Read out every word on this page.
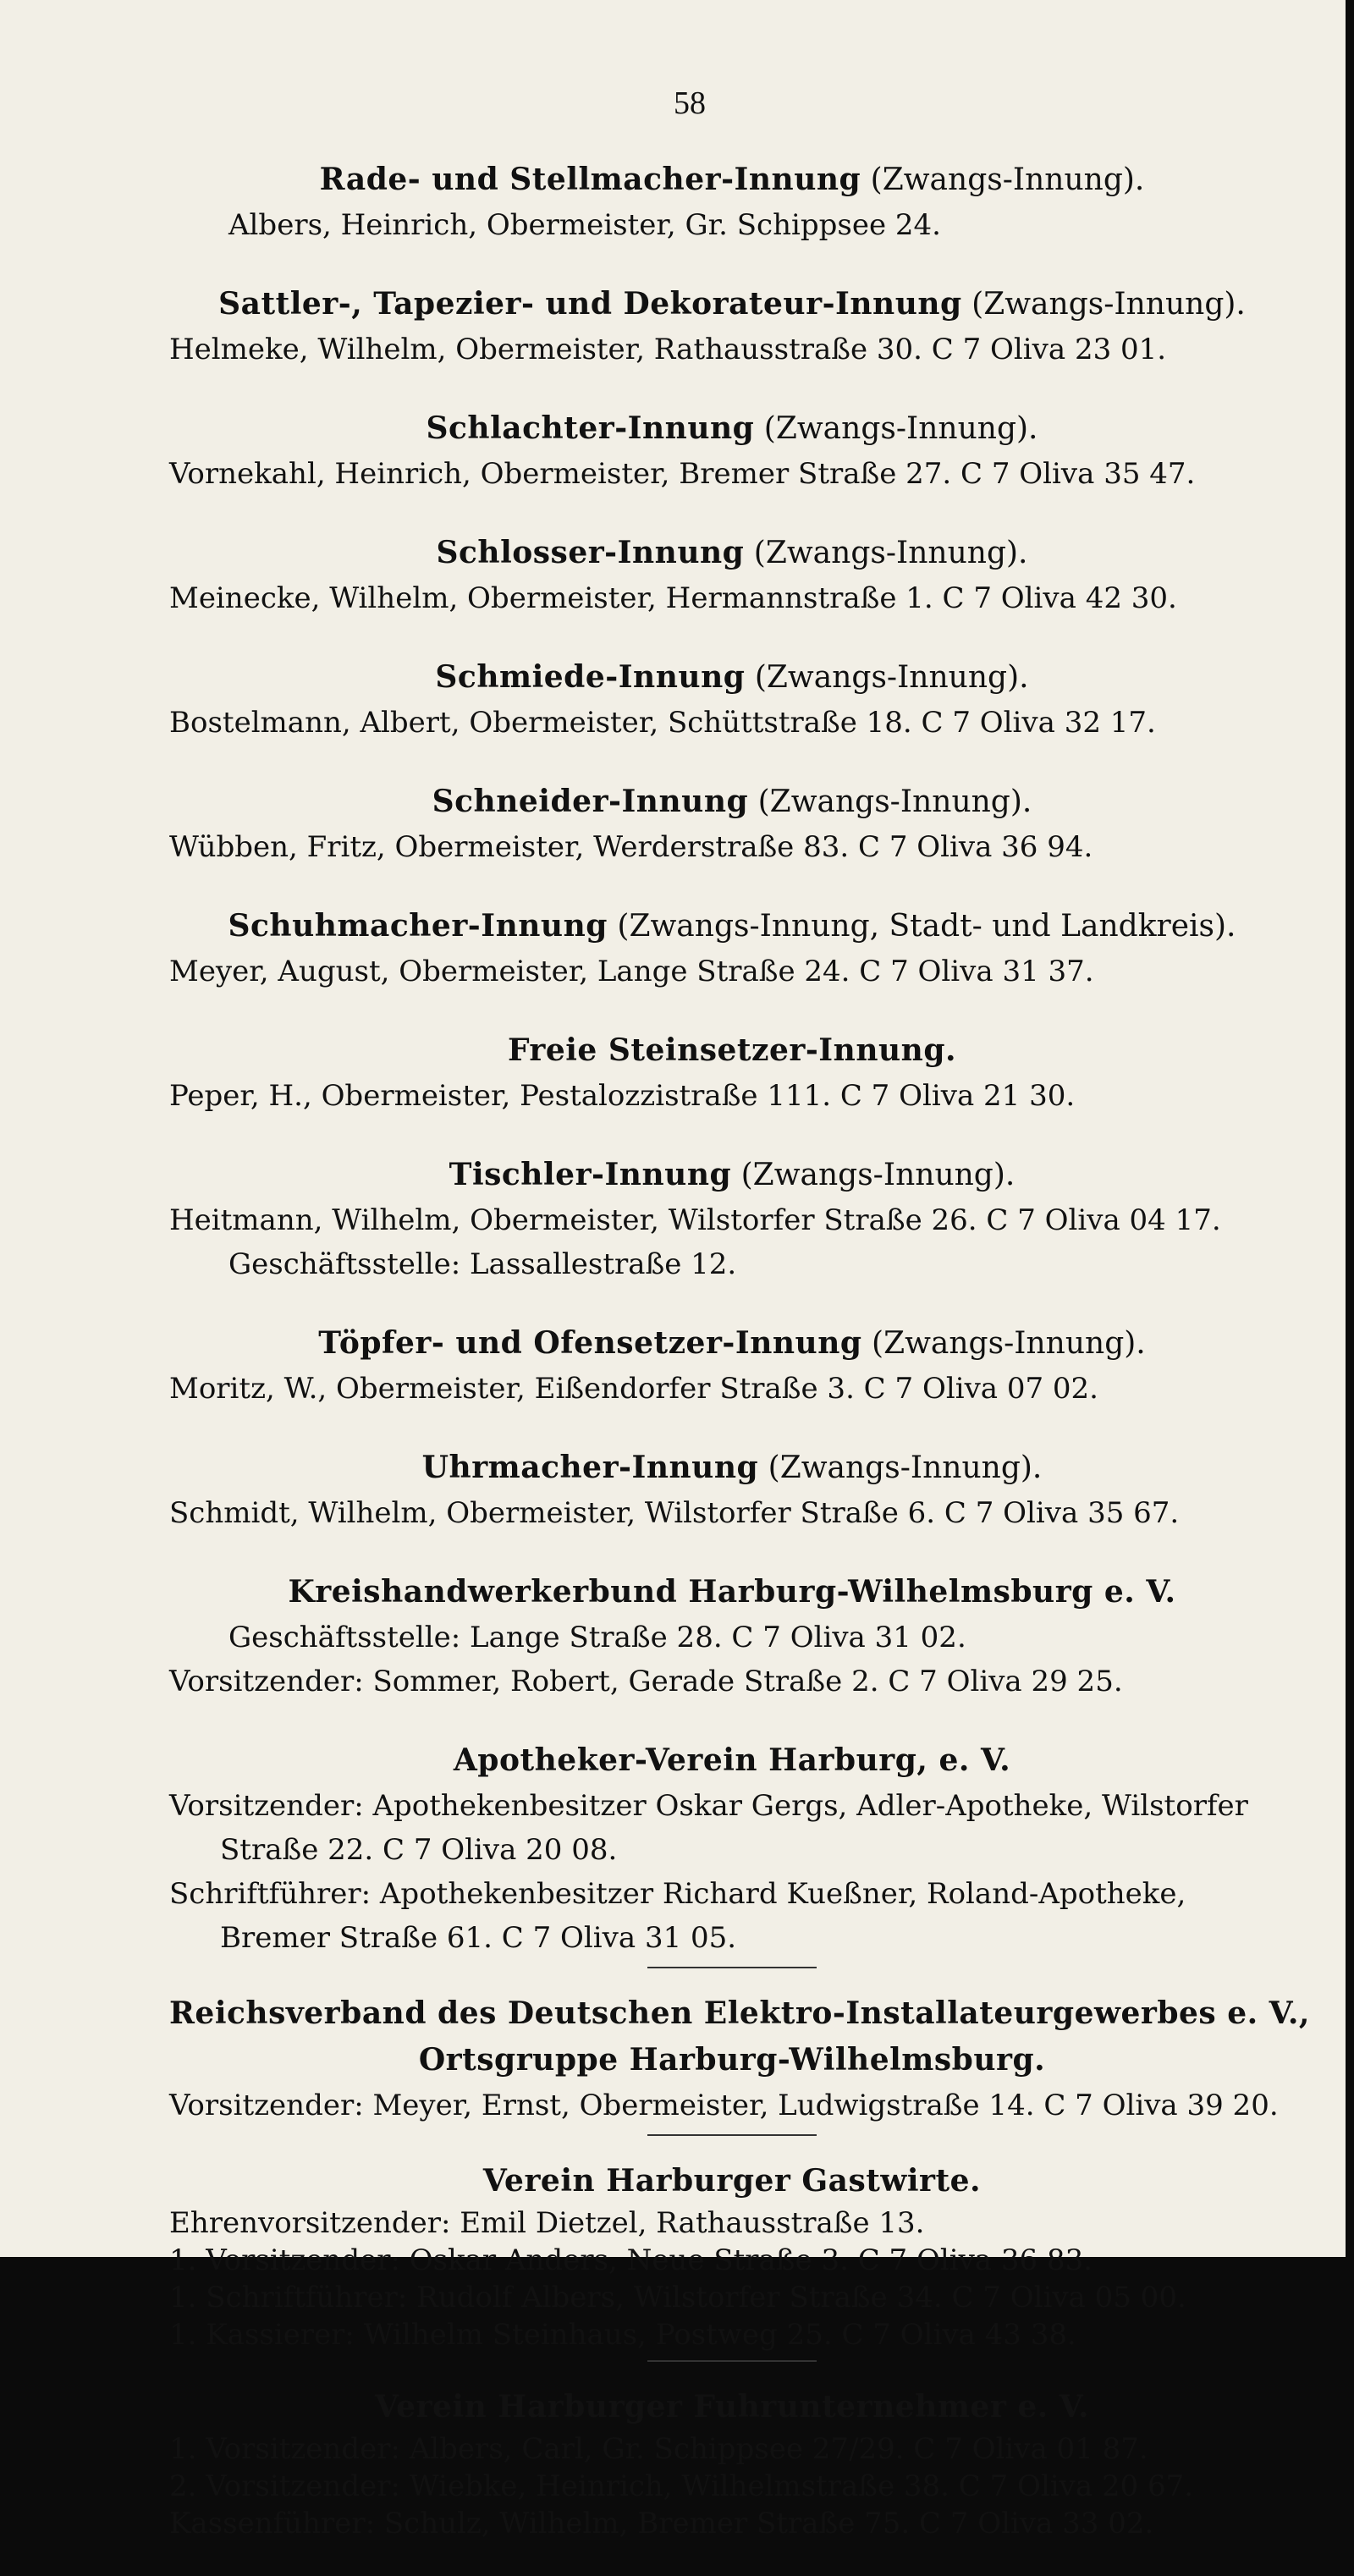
58
Rade- und Stellmacher-Innung (Zwangs-Innung).
Albers, Heinrich, Obermeister, Gr. Schippsee 24.
Sattler-, Tapezier- und Dekorateur-Innung (Zwangs-Innung).
Helmeke, Wilhelm, Obermeister, Rathausstraße 30. C 7 Oliva 23 01.
Schlachter-Innung (Zwangs-Innung).
Vornekahl, Heinrich, Obermeister, Bremer Straße 27. C 7 Oliva 35 47.
Schlosser-Innung (Zwangs-Innung).
Meinecke, Wilhelm, Obermeister, Hermannstraße 1. C 7 Oliva 42 30.
Schmiede-Innung (Zwangs-Innung).
Bostelmann, Albert, Obermeister, Schüttstraße 18. C 7 Oliva 32 17.
Schneider-Innung (Zwangs-Innung).
Wübben, Fritz, Obermeister, Werderstraße 83. C 7 Oliva 36 94.
Schuhmacher-Innung (Zwangs-Innung, Stadt- und Landkreis).
Meyer, August, Obermeister, Lange Straße 24. C 7 Oliva 31 37.
Freie Steinsetzer-Innung.
Peper, H., Obermeister, Pestalozzistraße 111. C 7 Oliva 21 30.
Tischler-Innung (Zwangs-Innung).
Heitmann, Wilhelm, Obermeister, Wilstorfer Straße 26. C 7 Oliva 04 17.
Geschäftsstelle: Lassallestraße 12.
Töpfer- und Ofensetzer-Innung (Zwangs-Innung).
Moritz, W., Obermeister, Eißendorfer Straße 3. C 7 Oliva 07 02.
Uhrmacher-Innung (Zwangs-Innung).
Schmidt, Wilhelm, Obermeister, Wilstorfer Straße 6. C 7 Oliva 35 67.
Kreishandwerkerbund Harburg-Wilhelmsburg e. V.
Geschäftsstelle: Lange Straße 28. C 7 Oliva 31 02.
Vorsitzender: Sommer, Robert, Gerade Straße 2. C 7 Oliva 29 25.
Apotheker-Verein Harburg, e. V.
Vorsitzender: Apothekenbesitzer Oskar Gergs, Adler-Apotheke, Wilstorfer Straße 22. C 7 Oliva 20 08.
Schriftführer: Apothekenbesitzer Richard Kueßner, Roland-Apotheke, Bremer Straße 61. C 7 Oliva 31 05.
Reichsverband des Deutschen Elektro-Installateurgewerbes e. V.,
Ortsgruppe Harburg-Wilhelmsburg.
Vorsitzender: Meyer, Ernst, Obermeister, Ludwigstraße 14. C 7 Oliva 39 20.
Verein Harburger Gastwirte.
Ehrenvorsitzender: Emil Dietzel, Rathausstraße 13.
1. Vorsitzender: Oskar Anders, Neue Straße 3. C 7 Oliva 36 83.
1. Schriftführer: Rudolf Albers, Wilstorfer Straße 34. C 7 Oliva 05 00.
1. Kassierer: Wilhelm Steinhaus, Postweg 25. C 7 Oliva 43 38.
Verein Harburger Fuhrunternehmer e. V.
1. Vorsitzender: Albers, Carl, Gr. Schippsee 27/29. C 7 Oliva 01 87.
2. Vorsitzender: Wiebke, Heinrich, Wilhelmstraße 38. C 7 Oliva 20 67.
Kassenführer: Schulz, Wilhelm, Bremer Straße 75. C 7 Oliva 33 02.
